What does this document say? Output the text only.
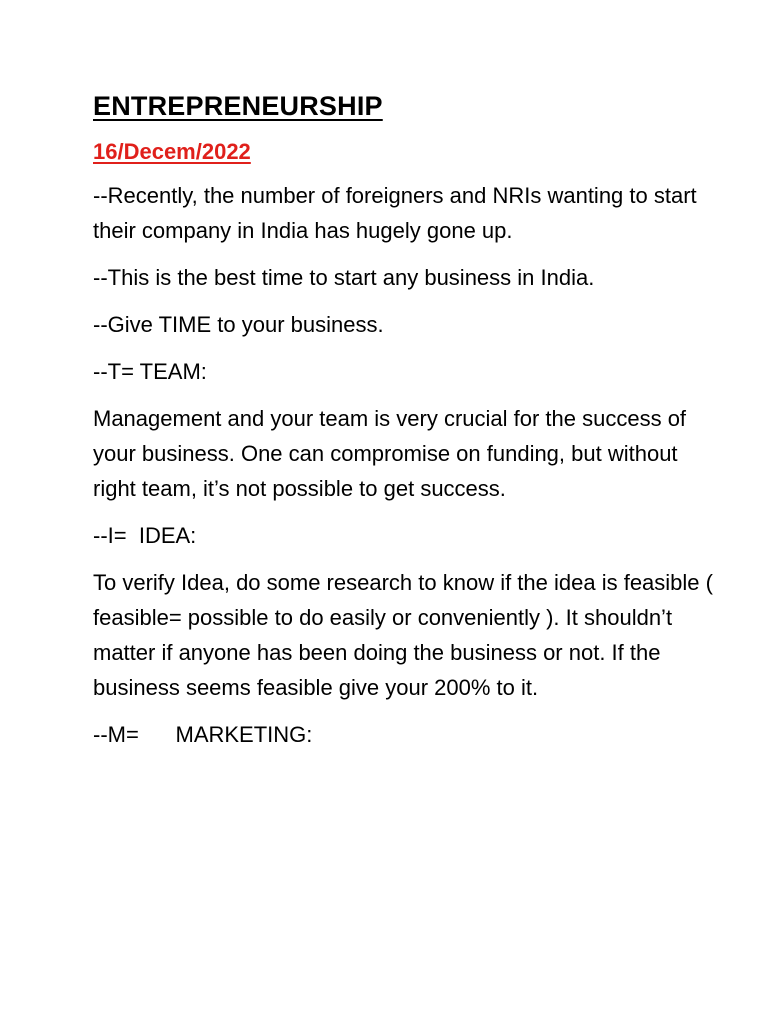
ENTREPRENEURSHIP
16/Decem/2022

--Recently, the number of foreigners and NRIs wanting to start their company in India has hugely gone up.

--This is the best time to start any business in India.

--Give TIME to your business.

--T= TEAM:

Management and your team is very crucial for the success of your business. One can compromise on funding, but without right team, it’s not possible to get success.

--I=  IDEA:

To verify Idea, do some research to know if the idea is feasible ( feasible= possible to do easily or conveniently ). It shouldn’t matter if anyone has been doing the business or not. If the business seems feasible give your 200% to it.

--M=      MARKETING:
